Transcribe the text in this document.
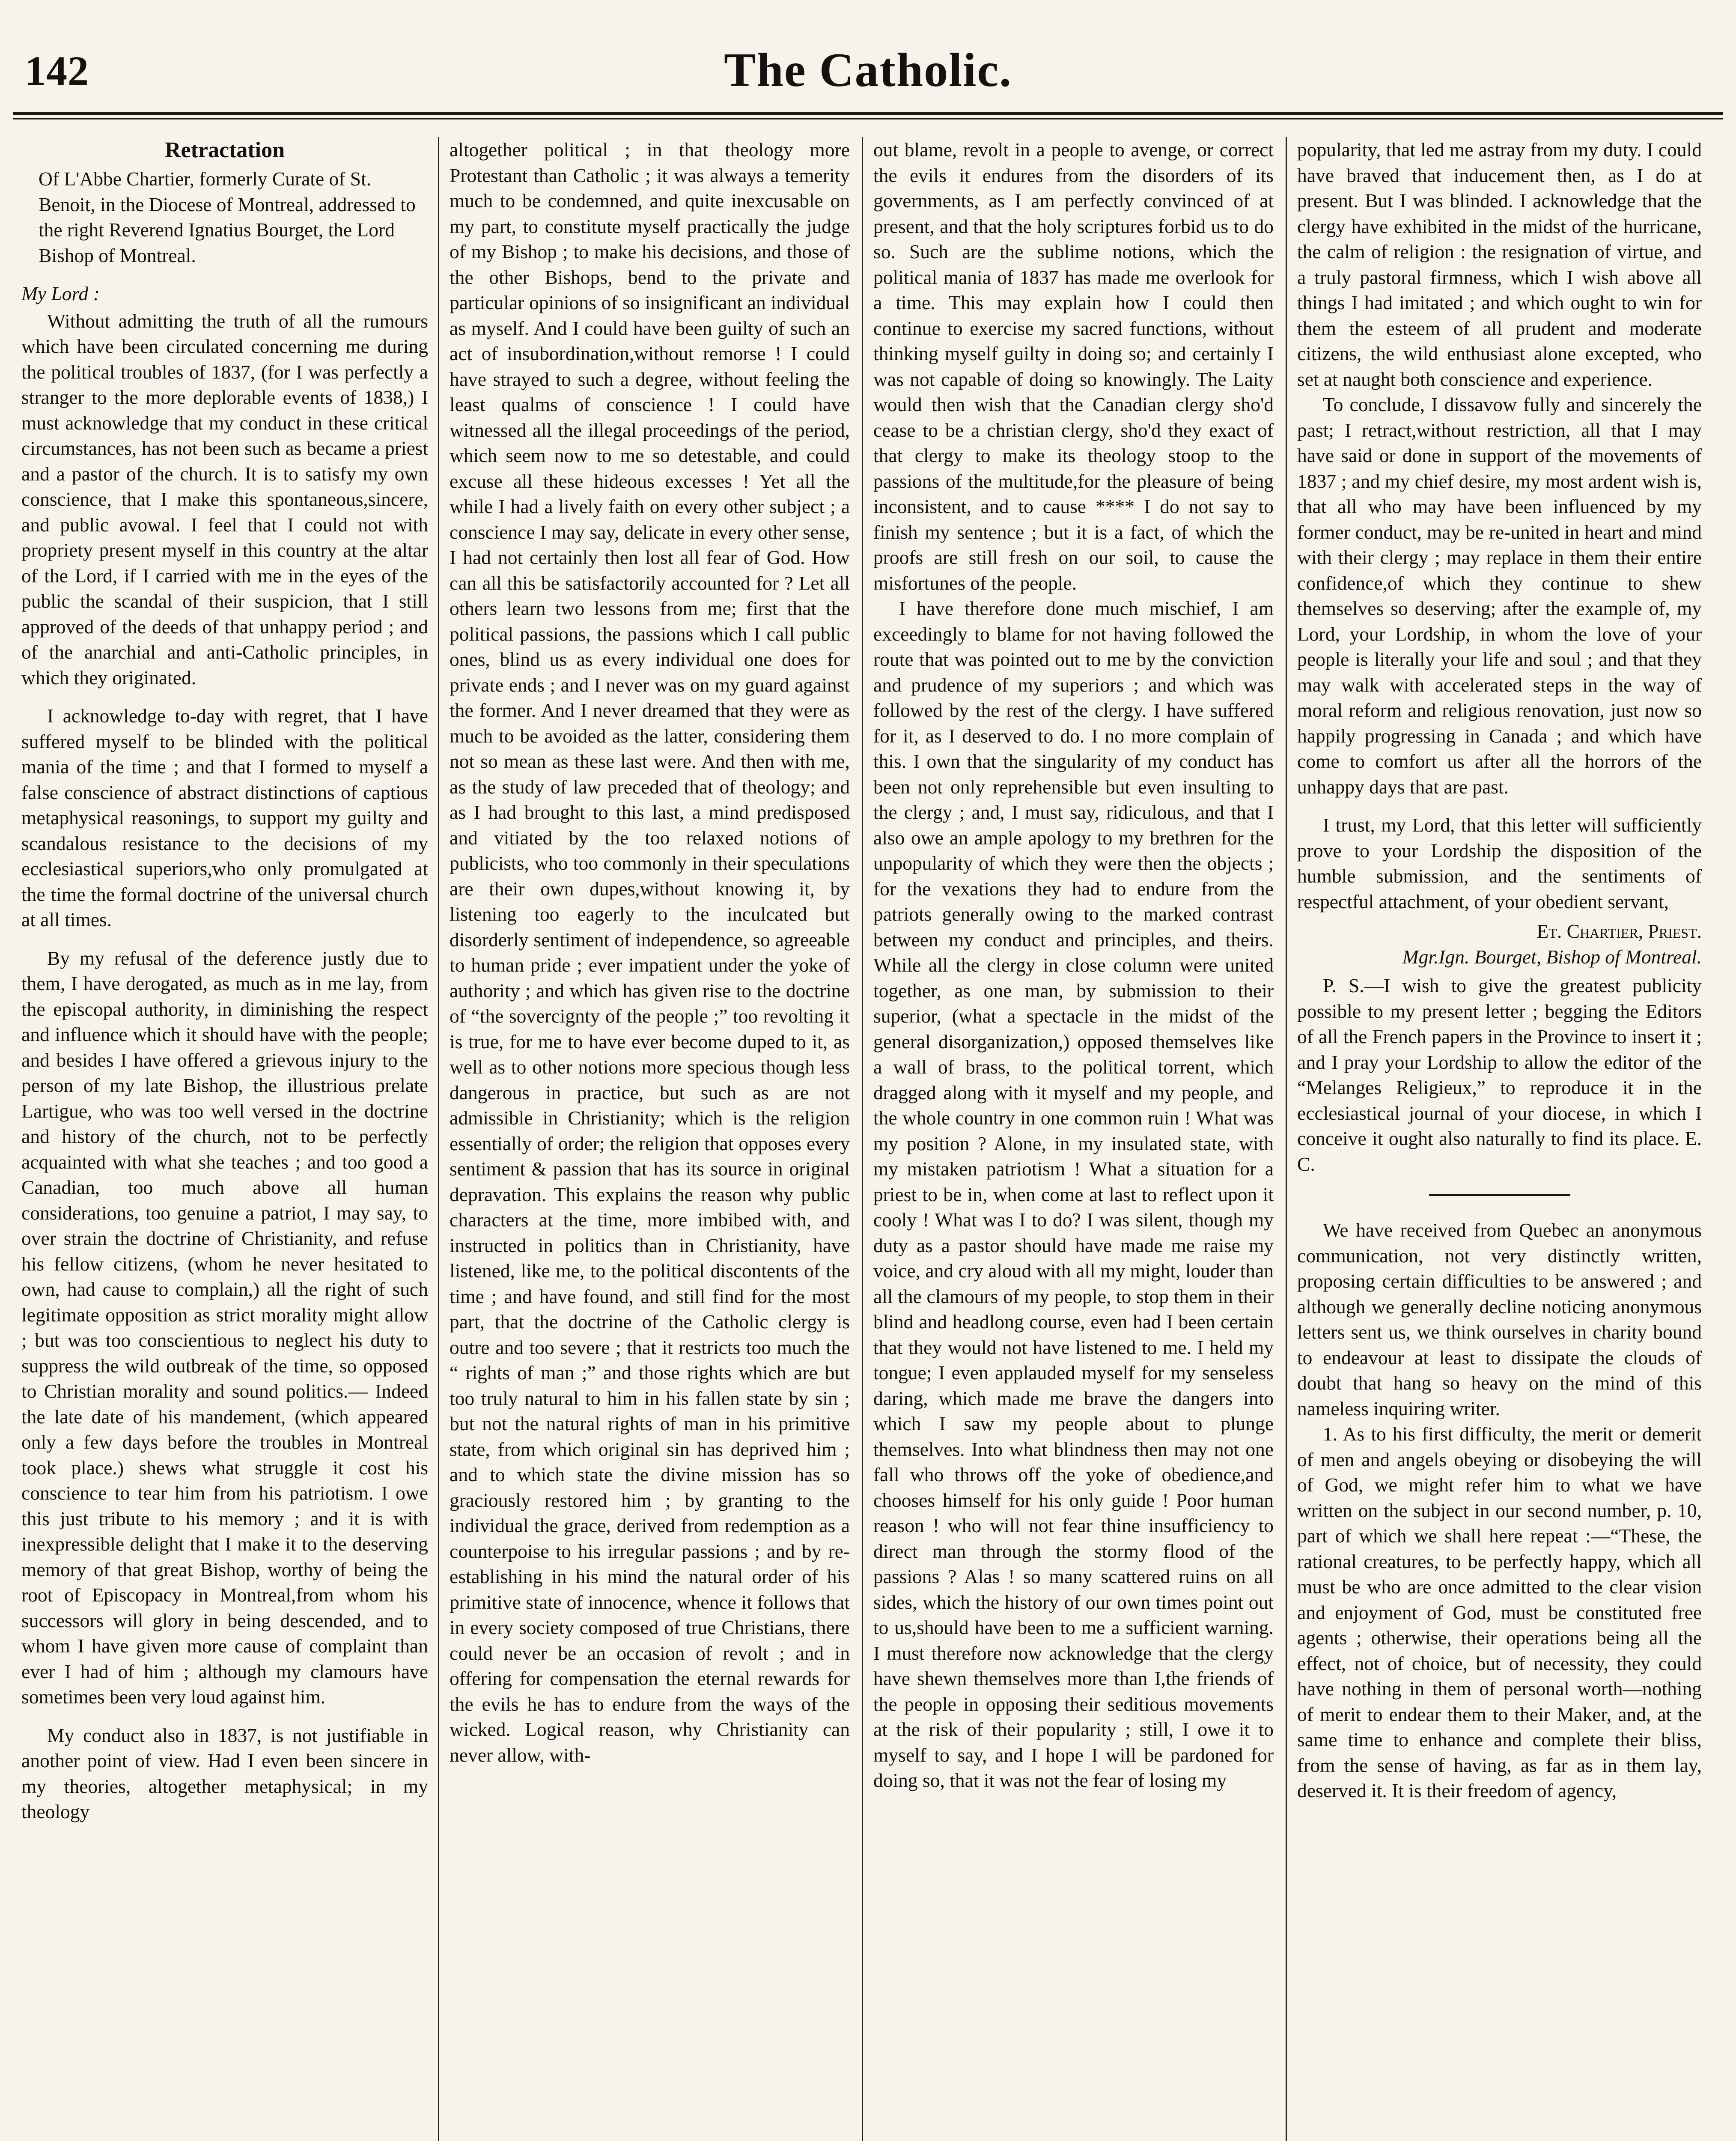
142	The Catholic.
Retractation

Of L'Abbe Chartier, formerly Curate of St. Benoit, in the Diocese of Montreal, addressed to the right Reverend Ignatius Bourget, the Lord Bishop of Montreal.

My Lord :

Without admitting the truth of all the rumours which have been circulated concerning me during the political troubles of 1837, (for I was perfectly a stranger to the more deplorable events of 1838,) I must acknowledge that my conduct in these critical circumstances, has not been such as became a priest and a pastor of the church. It is to satisfy my own conscience, that I make this spontaneous,sincere, and public avowal. I feel that I could not with propriety present myself in this country at the altar of the Lord, if I carried with me in the eyes of the public the scandal of their suspicion, that I still approved of the deeds of that unhappy period ; and of the anarchial and anti-Catholic principles, in which they originated.

I acknowledge to-day with regret, that I have suffered myself to be blinded with the political mania of the time ; and that I formed to myself a false conscience of abstract distinctions of captious metaphysical reasonings, to support my guilty and scandalous resistance to the decisions of my ecclesiastical superiors,who only promulgated at the time the formal doctrine of the universal church at all times.

By my refusal of the deference justly due to them, I have derogated, as much as in me lay, from the episcopal authority, in diminishing the respect and influence which it should have with the people; and besides I have offered a grievous injury to the person of my late Bishop, the illustrious prelate Lartigue, who was too well versed in the doctrine and history of the church, not to be perfectly acquainted with what she teaches ; and too good a Canadian, too much above all human considerations, too genuine a patriot, I may say, to over strain the doctrine of Christianity, and refuse his fellow citizens, (whom he never hesitated to own, had cause to complain,) all the right of such legitimate opposition as strict morality might allow ; but was too conscientious to neglect his duty to suppress the wild outbreak of the time, so opposed to Christian morality and sound politics.— Indeed the late date of his mandement, (which appeared only a few days before the troubles in Montreal took place.) shews what struggle it cost his conscience to tear him from his patriotism. I owe this just tribute to his memory ; and it is with inexpressible delight that I make it to the deserving memory of that great Bishop, worthy of being the root of Episcopacy in Montreal,from whom his successors will glory in being descended, and to whom I have given more cause of complaint than ever I had of him ; although my clamours have sometimes been very loud against him.

My conduct also in 1837, is not justifiable in another point of view. Had I even been sincere in my theories, altogether metaphysical; in my theology

altogether political ; in that theology more Protestant than Catholic ; it was always a temerity much to be condemned, and quite inexcusable on my part, to constitute myself practically the judge of my Bishop ; to make his decisions, and those of the other Bishops, bend to the private and particular opinions of so insignificant an individual as myself. And I could have been guilty of such an act of insubordination,without remorse ! I could have strayed to such a degree, without feeling the least qualms of conscience ! I could have witnessed all the illegal proceedings of the period, which seem now to me so detestable, and could excuse all these hideous excesses ! Yet all the while I had a lively faith on every other subject ; a conscience I may say, delicate in every other sense, I had not certainly then lost all fear of God. How can all this be satisfactorily accounted for ? Let all others learn two lessons from me; first that the political passions, the passions which I call public ones, blind us as every individual one does for private ends ; and I never was on my guard against the former. And I never dreamed that they were as much to be avoided as the latter, considering them not so mean as these last were. And then with me, as the study of law preceded that of theology; and as I had brought to this last, a mind predisposed and vitiated by the too relaxed notions of publicists, who too commonly in their speculations are their own dupes,without knowing it, by listening too eagerly to the inculcated but disorderly sentiment of independence, so agreeable to human pride ; ever impatient under the yoke of authority ; and which has given rise to the doctrine of “the sovercignty of the people ;” too revolting it is true, for me to have ever become duped to it, as well as to other notions more specious though less dangerous in practice, but such as are not admissible in Christianity; which is the religion essentially of order; the religion that opposes every sentiment & passion that has its source in original depravation. This explains the reason why public characters at the time, more imbibed with, and instructed in politics than in Christianity, have listened, like me, to the political discontents of the time ; and have found, and still find for the most part, that the doctrine of the Catholic clergy is outre and too severe ; that it restricts too much the “ rights of man ;” and those rights which are but too truly natural to him in his fallen state by sin ; but not the natural rights of man in his primitive state, from which original sin has deprived him ; and to which state the divine mission has so graciously restored him ; by granting to the individual the grace, derived from redemption as a counterpoise to his irregular passions ; and by re-establishing in his mind the natural order of his primitive state of innocence, whence it follows that in every society composed of true Christians, there could never be an occasion of revolt ; and in offering for compensation the eternal rewards for the evils he has to endure from the ways of the wicked. Logical reason, why Christianity can never allow, with-

out blame, revolt in a people to avenge, or correct the evils it endures from the disorders of its governments, as I am perfectly convinced of at present, and that the holy scriptures forbid us to do so. Such are the sublime notions, which the political mania of 1837 has made me overlook for a time. This may explain how I could then continue to exercise my sacred functions, without thinking myself guilty in doing so; and certainly I was not capable of doing so knowingly. The Laity would then wish that the Canadian clergy sho'd cease to be a christian clergy, sho'd they exact of that clergy to make its theology stoop to the passions of the multitude,for the pleasure of being inconsistent, and to cause **** I do not say to finish my sentence ; but it is a fact, of which the proofs are still fresh on our soil, to cause the misfortunes of the people.

I have therefore done much mischief, I am exceedingly to blame for not having followed the route that was pointed out to me by the conviction and prudence of my superiors ; and which was followed by the rest of the clergy. I have suffered for it, as I deserved to do. I no more complain of this. I own that the singularity of my conduct has been not only reprehensible but even insulting to the clergy ; and, I must say, ridiculous, and that I also owe an ample apology to my brethren for the unpopularity of which they were then the objects ; for the vexations they had to endure from the patriots generally owing to the marked contrast between my conduct and principles, and theirs. While all the clergy in close column were united together, as one man, by submission to their superior, (what a spectacle in the midst of the general disorganization,) opposed themselves like a wall of brass, to the political torrent, which dragged along with it myself and my people, and the whole country in one common ruin ! What was my position ? Alone, in my insulated state, with my mistaken patriotism ! What a situation for a priest to be in, when come at last to reflect upon it cooly ! What was I to do? I was silent, though my duty as a pastor should have made me raise my voice, and cry aloud with all my might, louder than all the clamours of my people, to stop them in their blind and headlong course, even had I been certain that they would not have listened to me. I held my tongue; I even applauded myself for my senseless daring, which made me brave the dangers into which I saw my people about to plunge themselves. Into what blindness then may not one fall who throws off the yoke of obedience,and chooses himself for his only guide ! Poor human reason ! who will not fear thine insufficiency to direct man through the stormy flood of the passions ? Alas ! so many scattered ruins on all sides, which the history of our own times point out to us,should have been to me a sufficient warning. I must therefore now acknowledge that the clergy have shewn themselves more than I,the friends of the people in opposing their seditious movements at the risk of their popularity ; still, I owe it to myself to say, and I hope I will be pardoned for doing so, that it was not the fear of losing my

popularity, that led me astray from my duty. I could have braved that inducement then, as I do at present. But I was blinded. I acknowledge that the clergy have exhibited in the midst of the hurricane, the calm of religion : the resignation of virtue, and a truly pastoral firmness, which I wish above all things I had imitated ; and which ought to win for them the esteem of all prudent and moderate citizens, the wild enthusiast alone excepted, who set at naught both conscience and experience.

To conclude, I dissavow fully and sincerely the past; I retract,without restriction, all that I may have said or done in support of the movements of 1837 ; and my chief desire, my most ardent wish is, that all who may have been influenced by my former conduct, may be re-united in heart and mind with their clergy ; may replace in them their entire confidence,of which they continue to shew themselves so deserving; after the example of, my Lord, your Lordship, in whom the love of your people is literally your life and soul ; and that they may walk with accelerated steps in the way of moral reform and religious renovation, just now so happily progressing in Canada ; and which have come to comfort us after all the horrors of the unhappy days that are past.

I trust, my Lord, that this letter will sufficiently prove to your Lordship the disposition of the humble submission, and the sentiments of respectful attachment, of your obedient servant,

Et. Chartier, Priest.

Mgr.Ign. Bourget, Bishop of Montreal.

P. S.—I wish to give the greatest publicity possible to my present letter ; begging the Editors of all the French papers in the Province to insert it ; and I pray your Lordship to allow the editor of the “Melanges Religieux,” to reproduce it in the ecclesiastical journal of your diocese, in which I conceive it ought also naturally to find its place. E. C.

We have received from Quebec an anonymous communication, not very distinctly written, proposing certain difficulties to be answered ; and although we generally decline noticing anonymous letters sent us, we think ourselves in charity bound to endeavour at least to dissipate the clouds of doubt that hang so heavy on the mind of this nameless inquiring writer.

1. As to his first difficulty, the merit or demerit of men and angels obeying or disobeying the will of God, we might refer him to what we have written on the subject in our second number, p. 10, part of which we shall here repeat :—“These, the rational creatures, to be perfectly happy, which all must be who are once admitted to the clear vision and enjoyment of God, must be constituted free agents ; otherwise, their operations being all the effect, not of choice, but of necessity, they could have nothing in them of personal worth—nothing of merit to endear them to their Maker, and, at the same time to enhance and complete their bliss, from the sense of having, as far as in them lay, deserved it. It is their freedom of agency,
